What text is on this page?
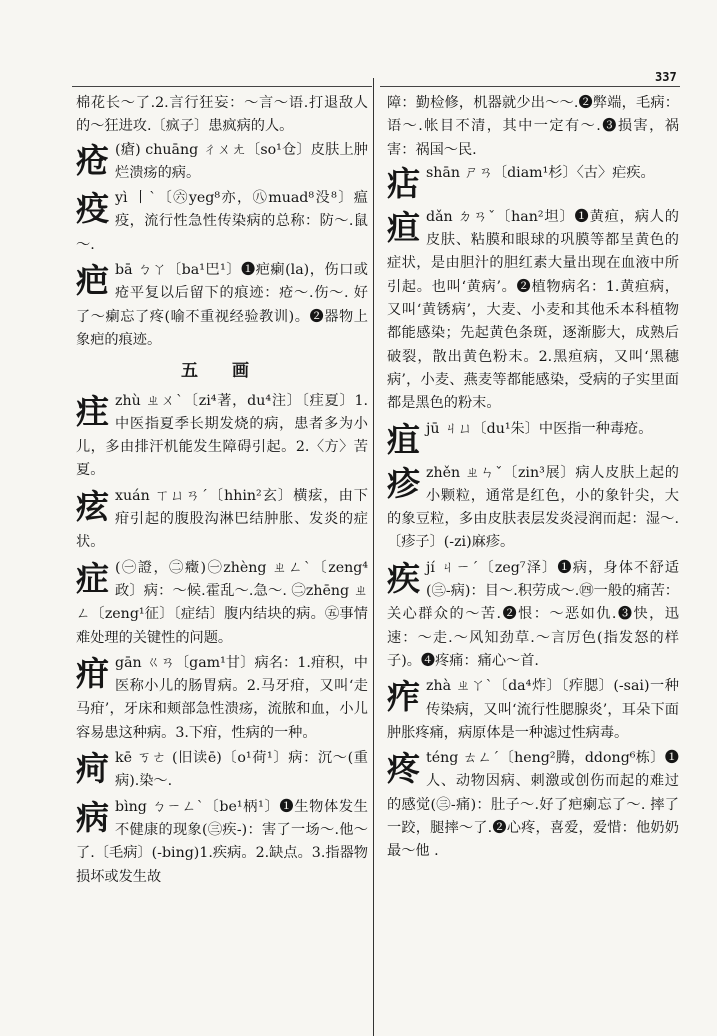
337
棉花长～了.2.言行狂妄：～言～语.打退敌人的～狂进攻.〔疯子〕患疯病的人。
疮 (瘡) chuāng ㄔㄨㄤ〔so¹仓〕皮肤上肿烂溃疡的病。
疫 yì 丨ˋ〔㊅yeg⁸亦，㊇muad⁸没⁸〕瘟疫，流行性急性传染病的总称：防～.鼠～.
疤 bā ㄅㄚ〔ba¹巴¹〕❶疤瘌(la)，伤口或疮平复以后留下的痕迹：疮～.伤～. 好了～瘌忘了疼(喻不重视经验教训)。❷器物上象疤的痕迹。
五 画
疰 zhù ㄓㄨˋ〔zi⁴著，du⁴注〕〔疰夏〕1.中医指夏季长期发烧的病，患者多为小儿，多由排汗机能发生障碍引起。2.〈方〉苦夏。
痃 xuán ㄒㄩㄢˊ〔hhin²玄〕横痃，由下疳引起的腹股沟淋巴结肿胀、发炎的症状。
症 (㊀證，㊁癥)㊀zhèng ㄓㄥˋ〔zeng⁴政〕病：～候.霍乱～.急～. ㊁zhēng ㄓㄥ〔zeng¹征〕〔症结〕腹内结块的病。㊄事情难处理的关键性的问题。
疳 gān ㄍㄢ〔gam¹甘〕病名：1.疳积，中医称小儿的肠胃病。2.马牙疳，又叫‘走马疳’，牙床和颊部急性溃疡，流脓和血，小儿容易患这种病。3.下疳，性病的一种。
疴 kē ㄎㄜ (旧读ē)〔o¹荷¹〕病：沉～(重病).染～.
病 bìng ㄅㄧㄥˋ〔be¹柄¹〕❶生物体发生不健康的现象(㊂疾-)：害了一场～.他～了.〔毛病〕(-bing)1.疾病。2.缺点。3.指器物损坏或发生故
障：勤检修，机器就少出～～.❷弊端，毛病：语～.帐目不清，其中一定有～.❸损害，祸害：祸国～民.
痁 shān ㄕㄢ〔diam¹杉〕〈古〉疟疾。
疸 dǎn ㄉㄢˇ〔han²坦〕❶黄疸，病人的皮肤、粘膜和眼球的巩膜等都呈黄色的症状，是由胆汁的胆红素大量出现在血液中所引起。也叫‘黄病’。❷植物病名：1.黄疸病，又叫‘黄锈病’，大麦、小麦和其他禾本科植物都能感染；先起黄色条斑，逐渐膨大，成熟后破裂，散出黄色粉末。2.黑疸病，又叫‘黑穗病’，小麦、燕麦等都能感染，受病的子实里面都是黑色的粉末。
疽 jū ㄐㄩ〔du¹朱〕中医指一种毒疮。
疹 zhěn ㄓㄣˇ〔zin³展〕病人皮肤上起的小颗粒，通常是红色，小的象针尖，大的象豆粒，多由皮肤表层发炎浸润而起：湿～.〔疹子〕(-zi)麻疹。
疾 jí ㄐㄧˊ〔zeg⁷泽〕❶病，身体不舒适(㊂-病)：目～.积劳成～.㊃一般的痛苦：关心群众的～苦.❷恨：～恶如仇.❸快，迅速：～走.～风知劲草.～言厉色(指发怒的样子)。❹疼痛：痛心～首.
痄 zhà ㄓㄚˋ〔da⁴炸〕〔痄腮〕(-sai)一种传染病，又叫‘流行性腮腺炎’，耳朵下面肿胀疼痛，病原体是一种滤过性病毒。
疼 téng ㄊㄥˊ〔heng²腾，ddong⁶栋〕❶人、动物因病、刺激或创伤而起的难过的感觉(㊂-痛)：肚子～.好了疤瘌忘了～. 摔了一跤，腿摔～了.❷心疼，喜爱，爱惜：他奶奶最～他 .
